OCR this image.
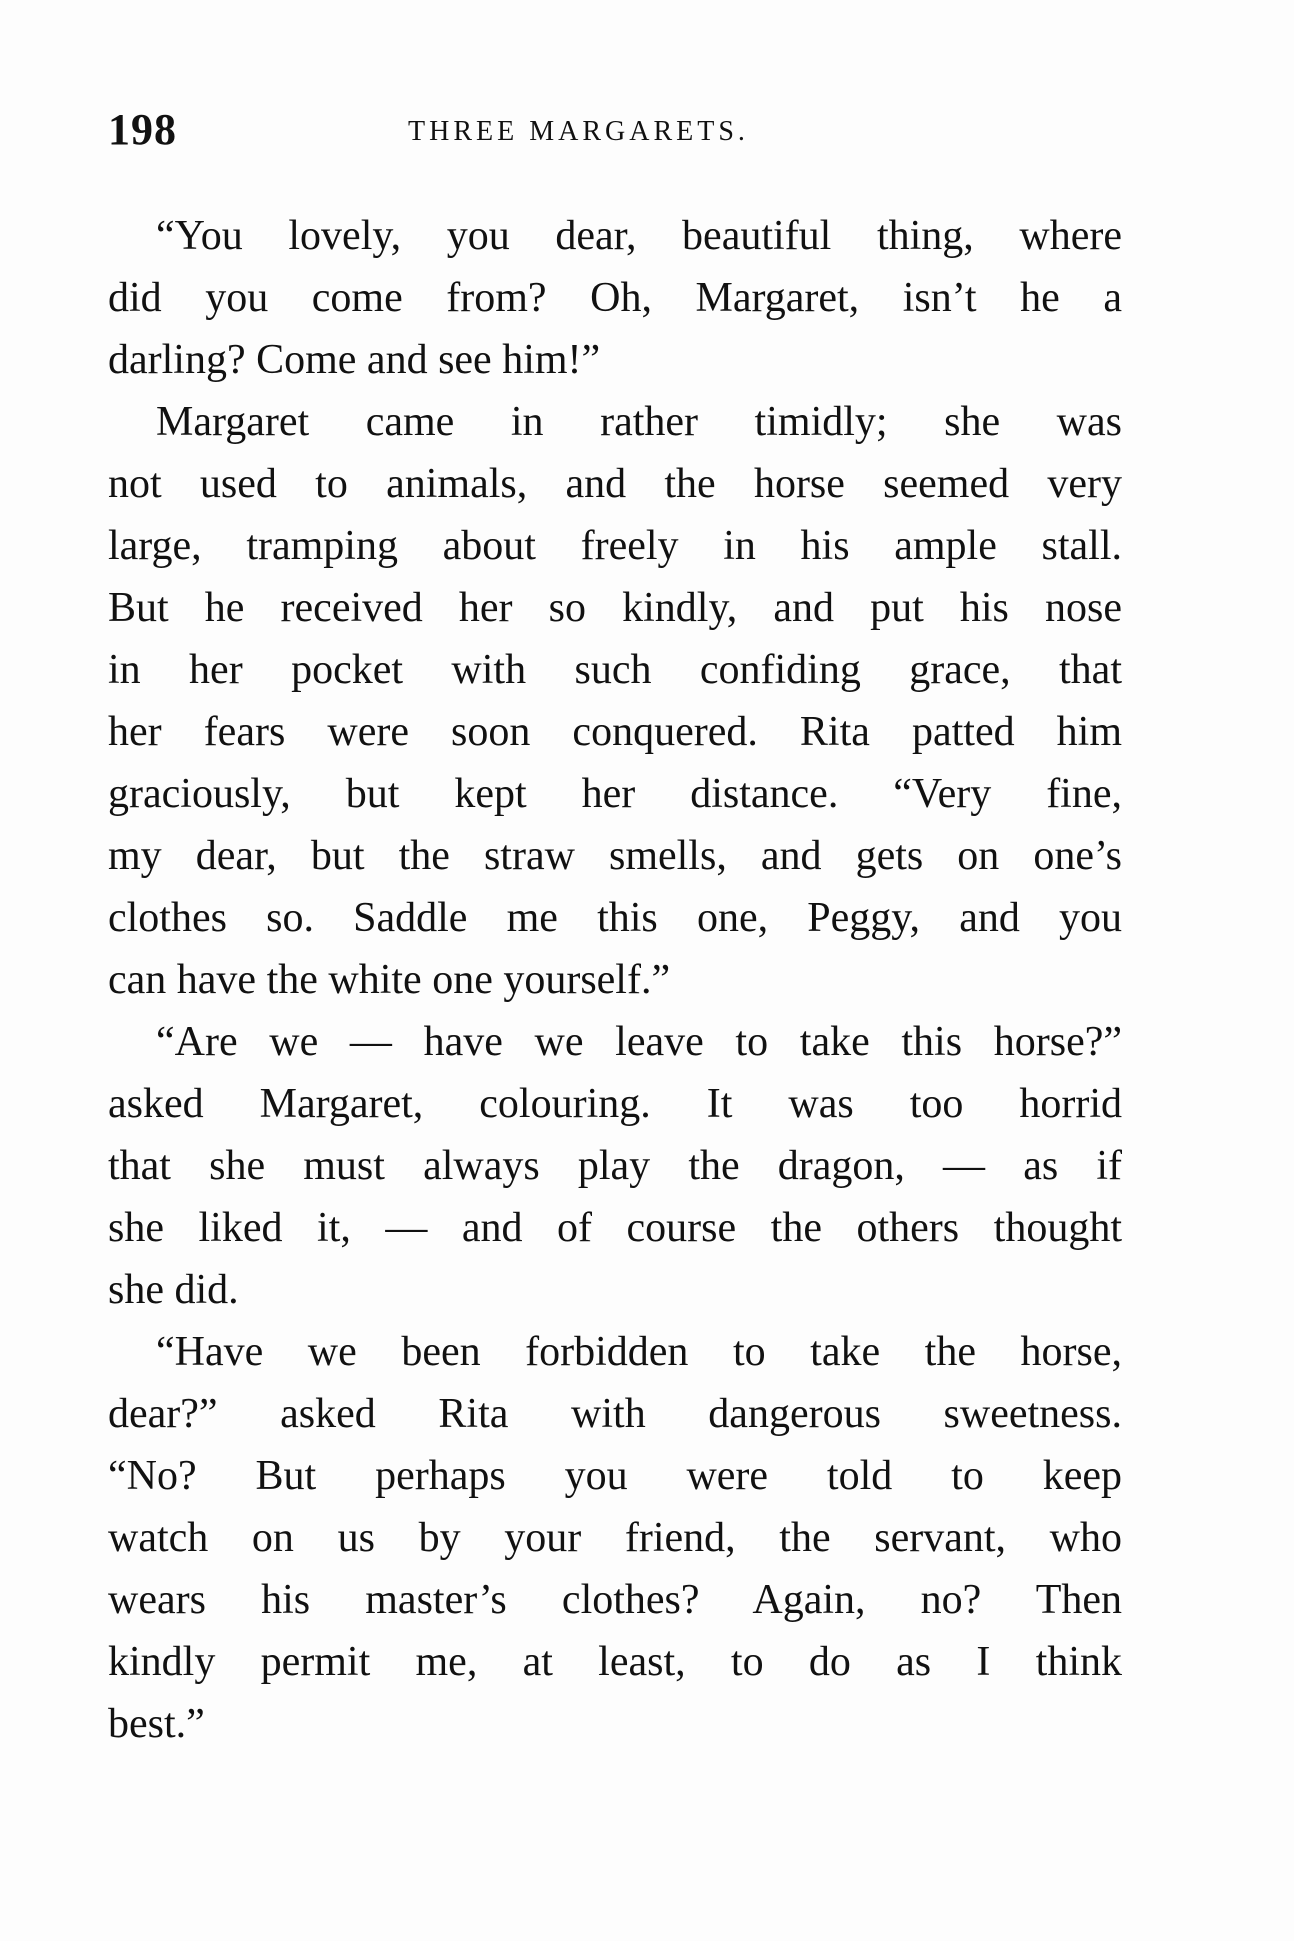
198	THREE MARGARETS.
“You lovely, you dear, beautiful thing, where
did you come from? Oh, Margaret, isn’t he a
darling? Come and see him!”
Margaret came in rather timidly; she was
not used to animals, and the horse seemed very
large, tramping about freely in his ample stall.
But he received her so kindly, and put his nose
in her pocket with such confiding grace, that
her fears were soon conquered. Rita patted him
graciously, but kept her distance. “Very fine,
my dear, but the straw smells, and gets on one’s
clothes so. Saddle me this one, Peggy, and you
can have the white one yourself.”
“Are we — have we leave to take this horse?”
asked Margaret, colouring. It was too horrid
that she must always play the dragon, — as if
she liked it, — and of course the others thought
she did.
“Have we been forbidden to take the horse,
dear?” asked Rita with dangerous sweetness.
“No? But perhaps you were told to keep
watch on us by your friend, the servant, who
wears his master’s clothes? Again, no? Then
kindly permit me, at least, to do as I think
best.”
